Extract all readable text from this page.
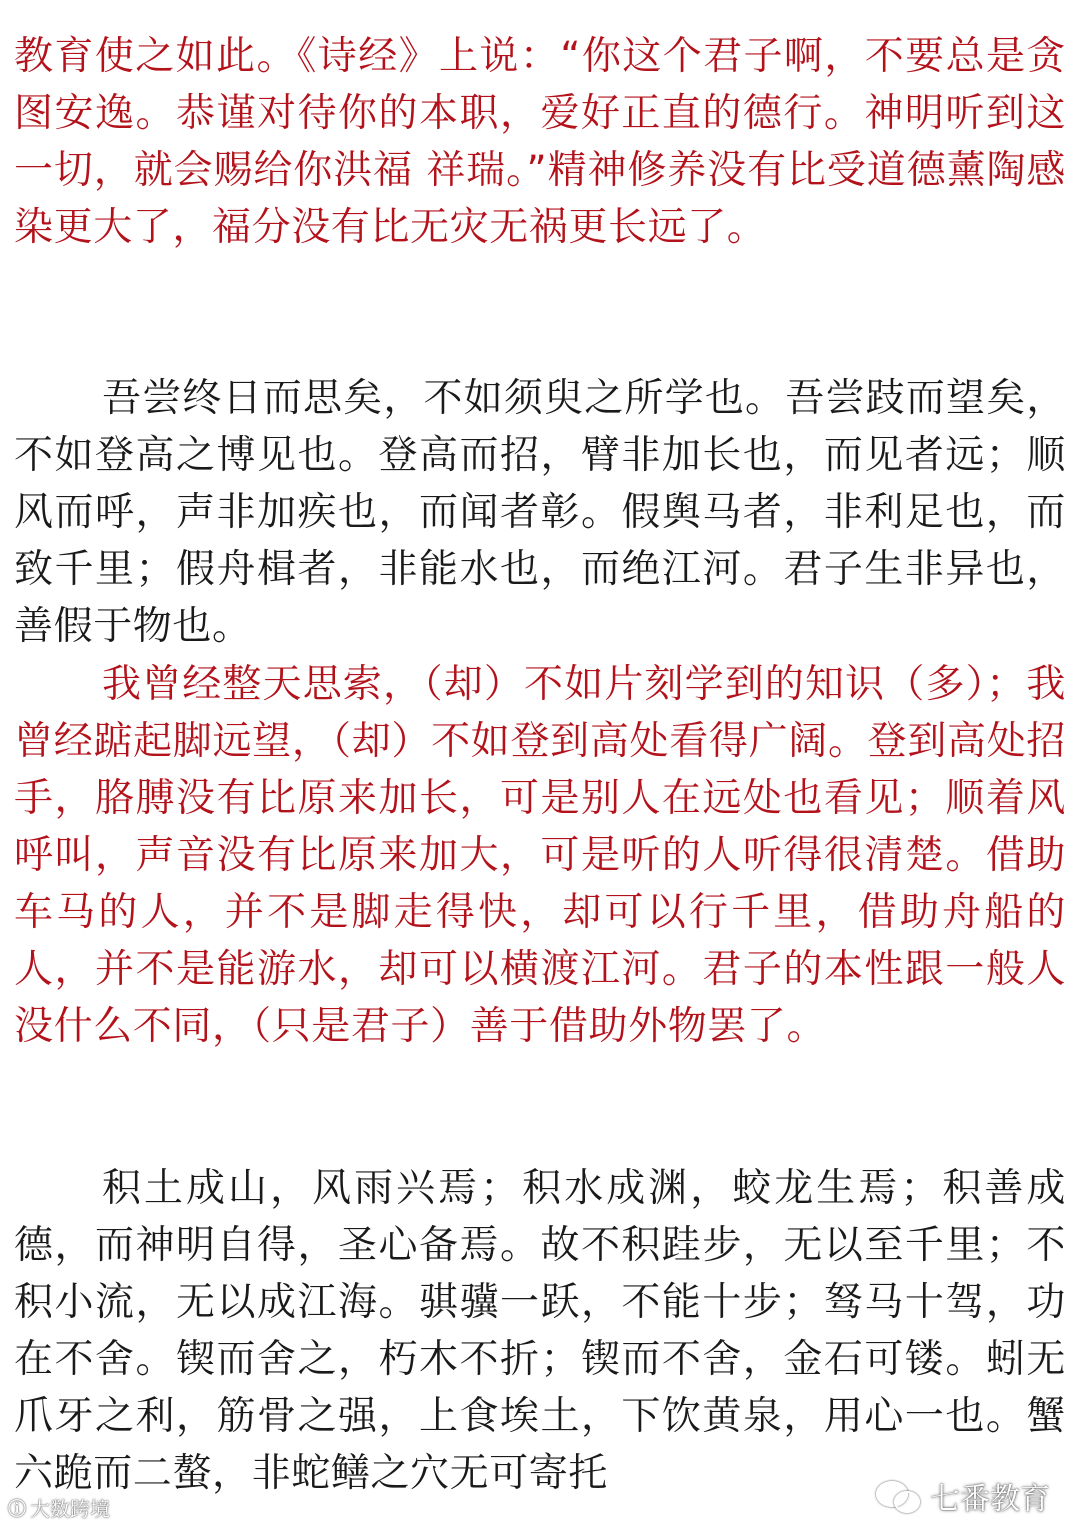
教育使之如此。《诗经》上说：“你这个君子啊，不要总是贪图安逸。恭谨对待你的本职，爱好正直的德行。神明听到这一切，就会赐给你洪福 祥瑞。”精神修养没有比受道德薰陶感染更大了，福分没有比无灾无祸更长远了。

吾尝终日而思矣，不如须臾之所学也。吾尝跂而望矣，不如登高之博见也。登高而招，臂非加长也，而见者远；顺风而呼，声非加疾也，而闻者彰。假舆马者，非利足也，而致千里；假舟楫者，非能水也，而绝江河。君子生非异也，善假于物也。

我曾经整天思索，（却）不如片刻学到的知识（多）；我曾经踮起脚远望，（却）不如登到高处看得广阔。登到高处招手，胳膊没有比原来加长，可是别人在远处也看见；顺着风呼叫，声音没有比原来加大，可是听的人听得很清楚。借助车马的人，并不是脚走得快，却可以行千里，借助舟船的人，并不是能游水，却可以横渡江河。君子的本性跟一般人没什么不同，（只是君子）善于借助外物罢了。

积土成山，风雨兴焉；积水成渊，蛟龙生焉；积善成德，而神明自得，圣心备焉。故不积跬步，无以至千里；不积小流，无以成江海。骐骥一跃，不能十步；驽马十驾，功在不舍。锲而舍之，朽木不折；锲而不舍，金石可镂。蚓无爪牙之利，筋骨之强，上食埃土，下饮黄泉，用心一也。蟹六跪而二螯，非蛇鳝之穴无可寄托

ⓘ 大数跨境	七番教育
